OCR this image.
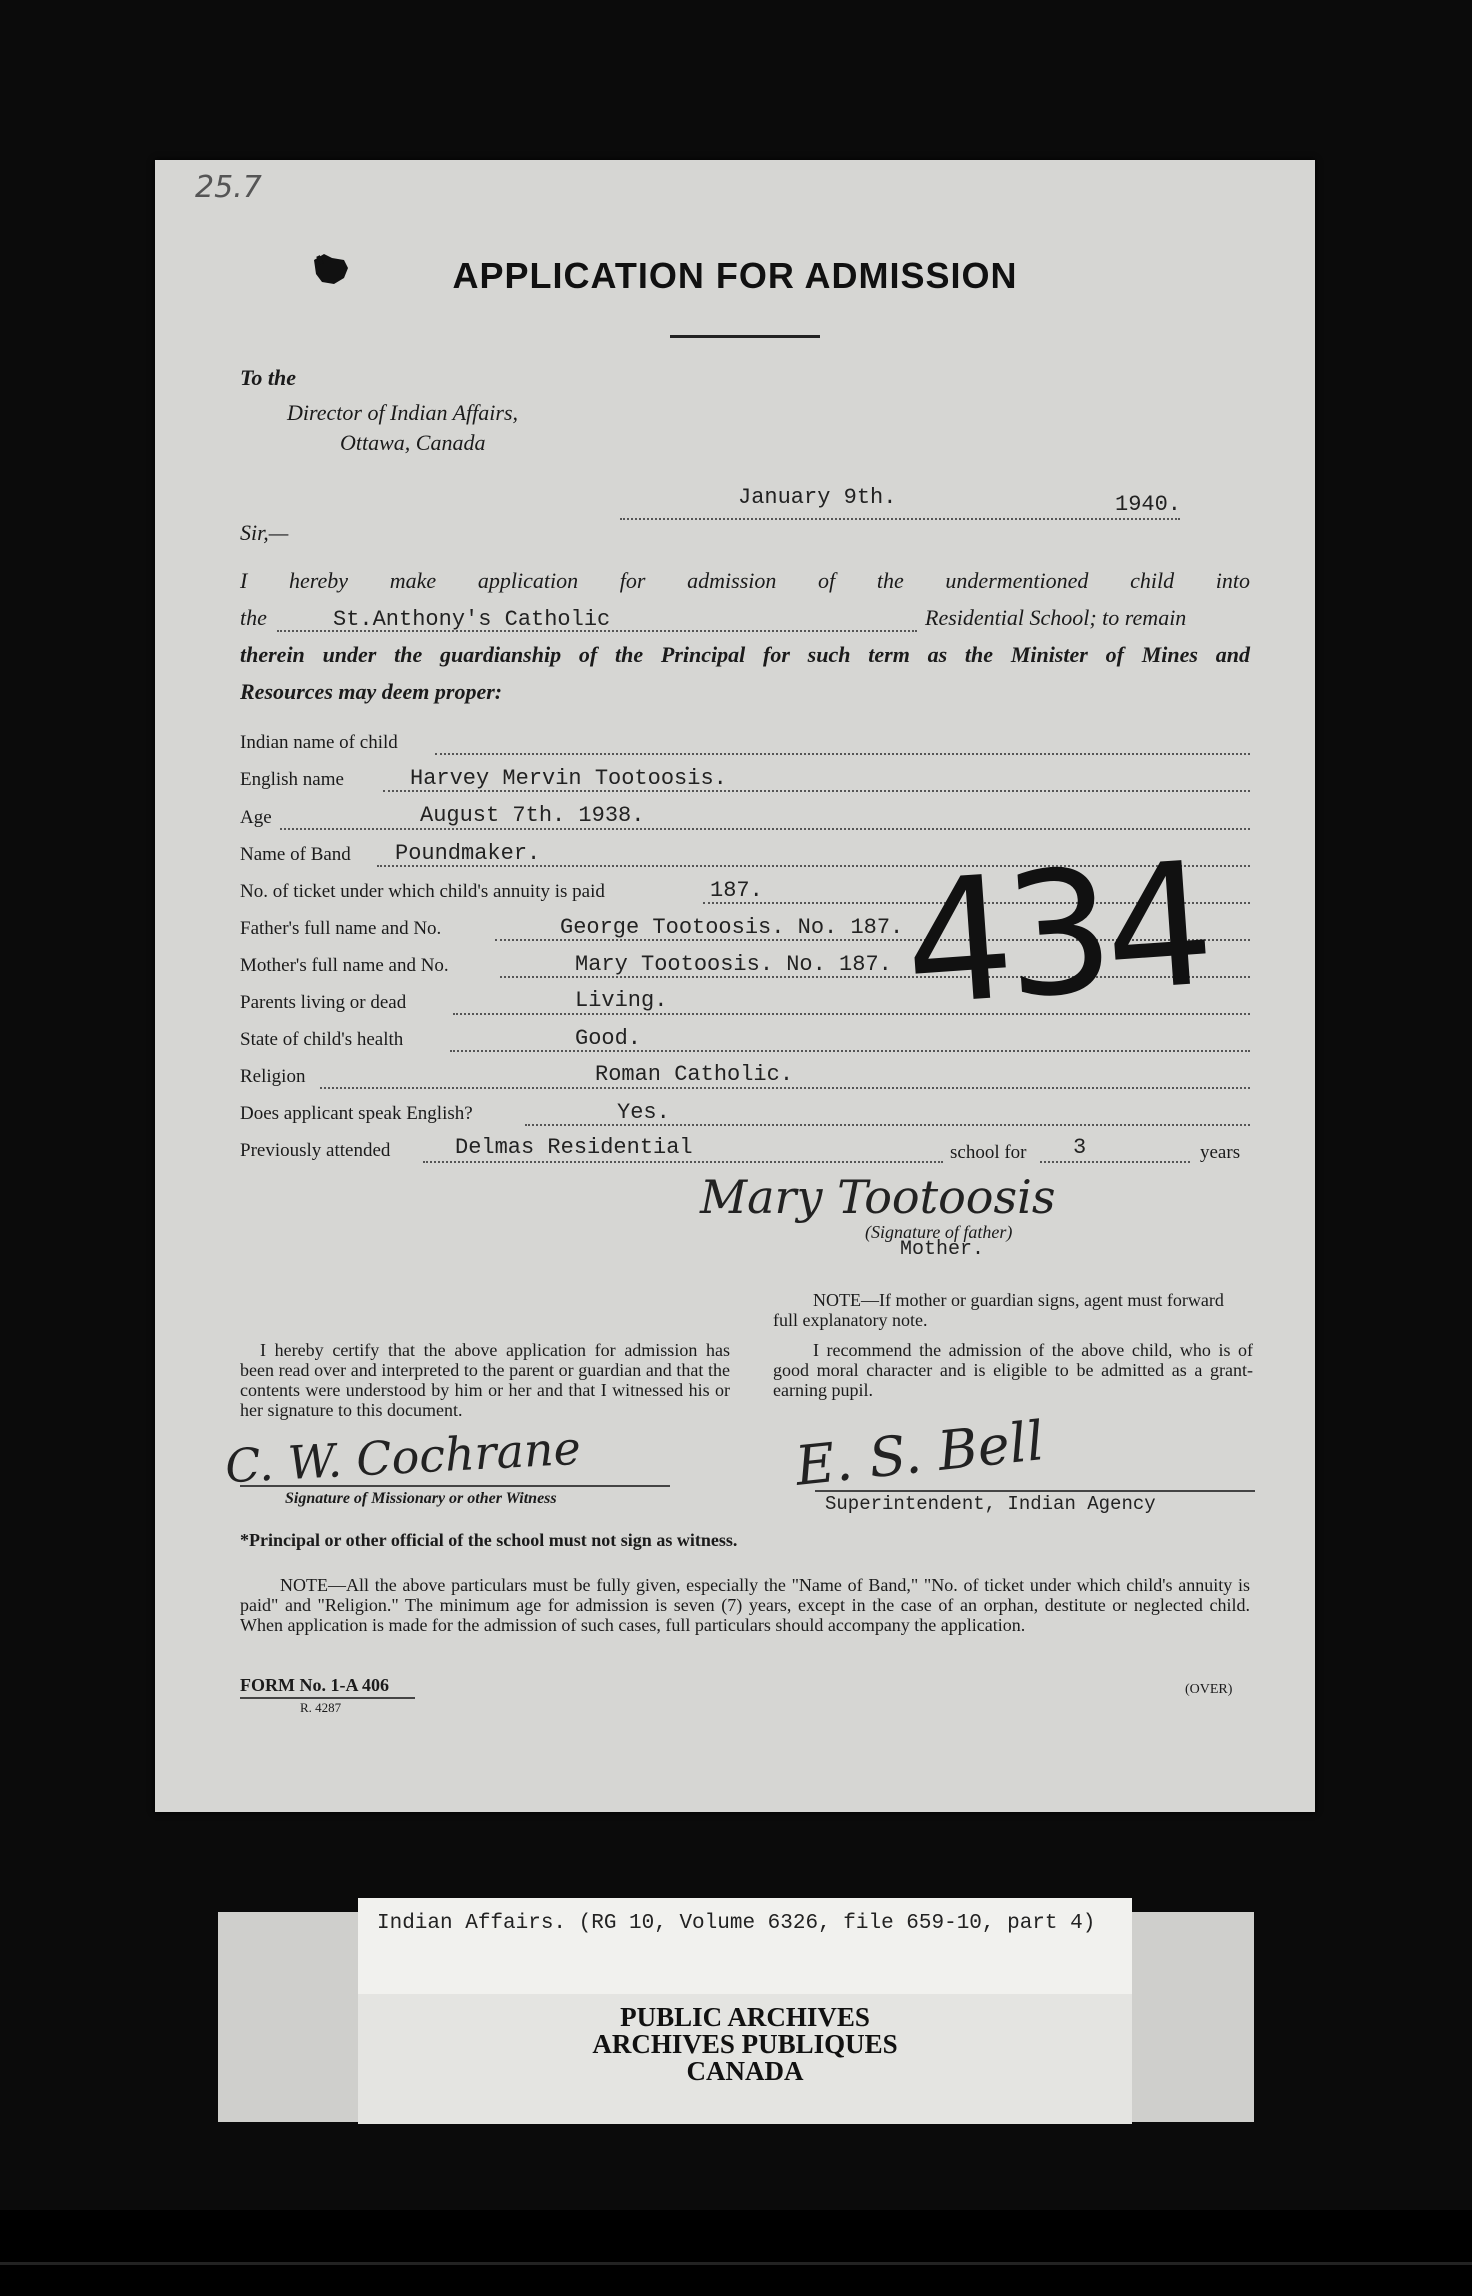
25.7
APPLICATION FOR ADMISSION
To the
Director of Indian Affairs,
Ottawa, Canada
January 9th.	1940.
Sir,—
I hereby make application for admission of the undermentioned child into
the	St.Anthony's Catholic	Residential School; to remain
therein under the guardianship of the Principal for such term as the Minister of Mines and
Resources may deem proper:
Indian name of child
English name	Harvey Mervin Tootoosis.
Age	August 7th. 1938.
Name of Band Poundmaker.
No. of ticket under which child's annuity is paid	187.
Father's full name and No.	George Tootoosis. No. 187.
Mother's full name and No.	Mary Tootoosis. No. 187.
Parents living or dead	Living.
State of child's health	Good.
Religion	Roman Catholic.
Does applicant speak English?	Yes.
Previously attended	Delmas Residential	school for 3	years
434
Mary Tootoosis
(Signature of father)
Mother.
NOTE—If mother or guardian signs, agent must forward full explanatory note.
I hereby certify that the above application for admission has been read over and interpreted to the parent or guardian and that the contents were understood by him or her and that I witnessed his or her signature to this document.
I recommend the admission of the above child, who is of good moral character and is eligible to be admitted as a grant-earning pupil.
C. W. Cochrane
Signature of Missionary or other Witness
E. S. Bell
Superintendent, Indian Agency
*Principal or other official of the school must not sign as witness.
NOTE—All the above particulars must be fully given, especially the "Name of Band," "No. of ticket under which child's annuity is paid" and "Religion." The minimum age for admission is seven (7) years, except in the case of an orphan, destitute or neglected child. When application is made for the admission of such cases, full particulars should accompany the application.
FORM No. 1-A 406
R. 4287
(OVER)
Indian Affairs. (RG 10, Volume 6326, file 659-10, part 4)
PUBLIC ARCHIVES
ARCHIVES PUBLIQUES
CANADA
